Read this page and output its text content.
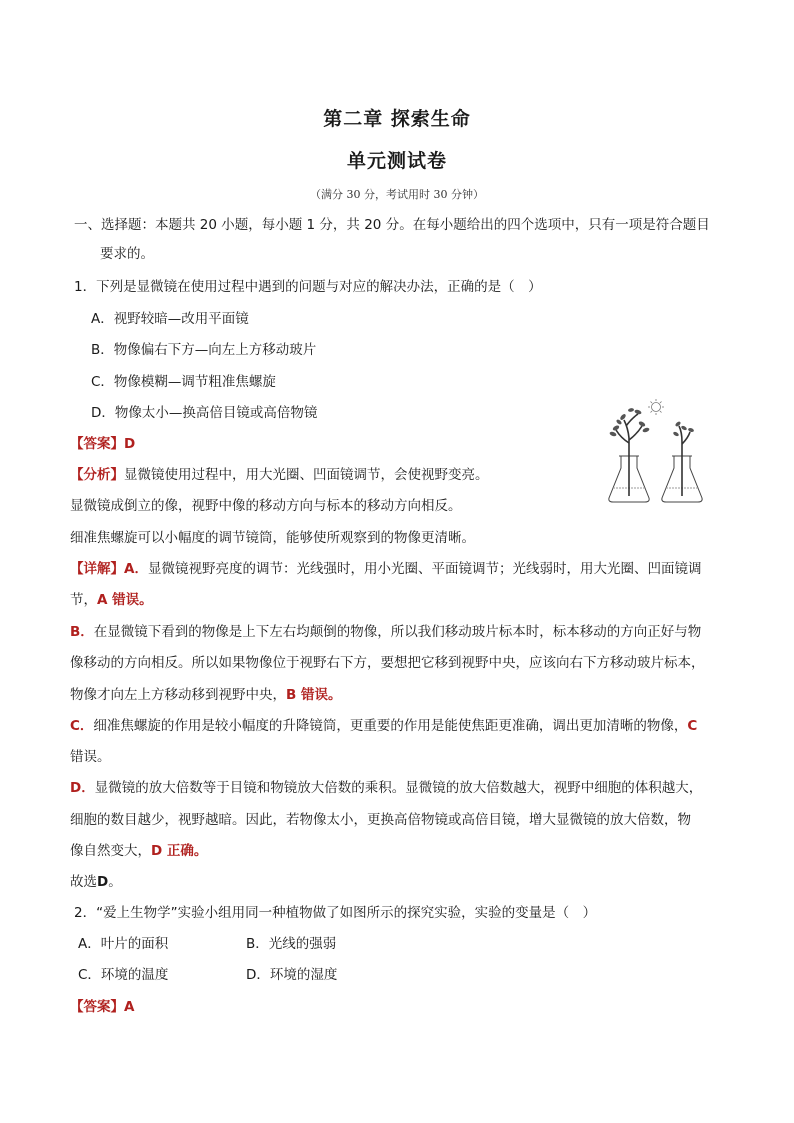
第二章 探索生命
单元测试卷
（满分 30 分，考试用时 30 分钟）
一、选择题：本题共 20 小题，每小题 1 分，共 20 分。在每小题给出的四个选项中，只有一项是符合题目
要求的。
1．下列是显微镜在使用过程中遇到的问题与对应的解决办法，正确的是（　）
A．视野较暗—改用平面镜
B．物像偏右下方—向左上方移动玻片
C．物像模糊—调节粗准焦螺旋
D．物像太小—换高倍目镜或高倍物镜
【答案】D
【分析】显微镜使用过程中，用大光圈、凹面镜调节，会使视野变亮。
显微镜成倒立的像，视野中像的移动方向与标本的移动方向相反。
细准焦螺旋可以小幅度的调节镜筒，能够使所观察到的物像更清晰。
【详解】A．显微镜视野亮度的调节：光线强时，用小光圈、平面镜调节；光线弱时，用大光圈、凹面镜调
节，A 错误。
B．在显微镜下看到的物像是上下左右均颠倒的物像，所以我们移动玻片标本时，标本移动的方向正好与物
像移动的方向相反。所以如果物像位于视野右下方，要想把它移到视野中央，应该向右下方移动玻片标本，
物像才向左上方移动移到视野中央，B 错误。
C．细准焦螺旋的作用是较小幅度的升降镜筒，更重要的作用是能使焦距更准确，调出更加清晰的物像，C
错误。
D．显微镜的放大倍数等于目镜和物镜放大倍数的乘积。显微镜的放大倍数越大，视野中细胞的体积越大，
细胞的数目越少，视野越暗。因此，若物像太小，更换高倍物镜或高倍目镜，增大显微镜的放大倍数，物
像自然变大，D 正确。
故选D。
2．“爱上生物学”实验小组用同一种植物做了如图所示的探究实验，实验的变量是（　）
A．叶片的面积	B．光线的强弱
C．环境的温度	D．环境的湿度
【答案】A
